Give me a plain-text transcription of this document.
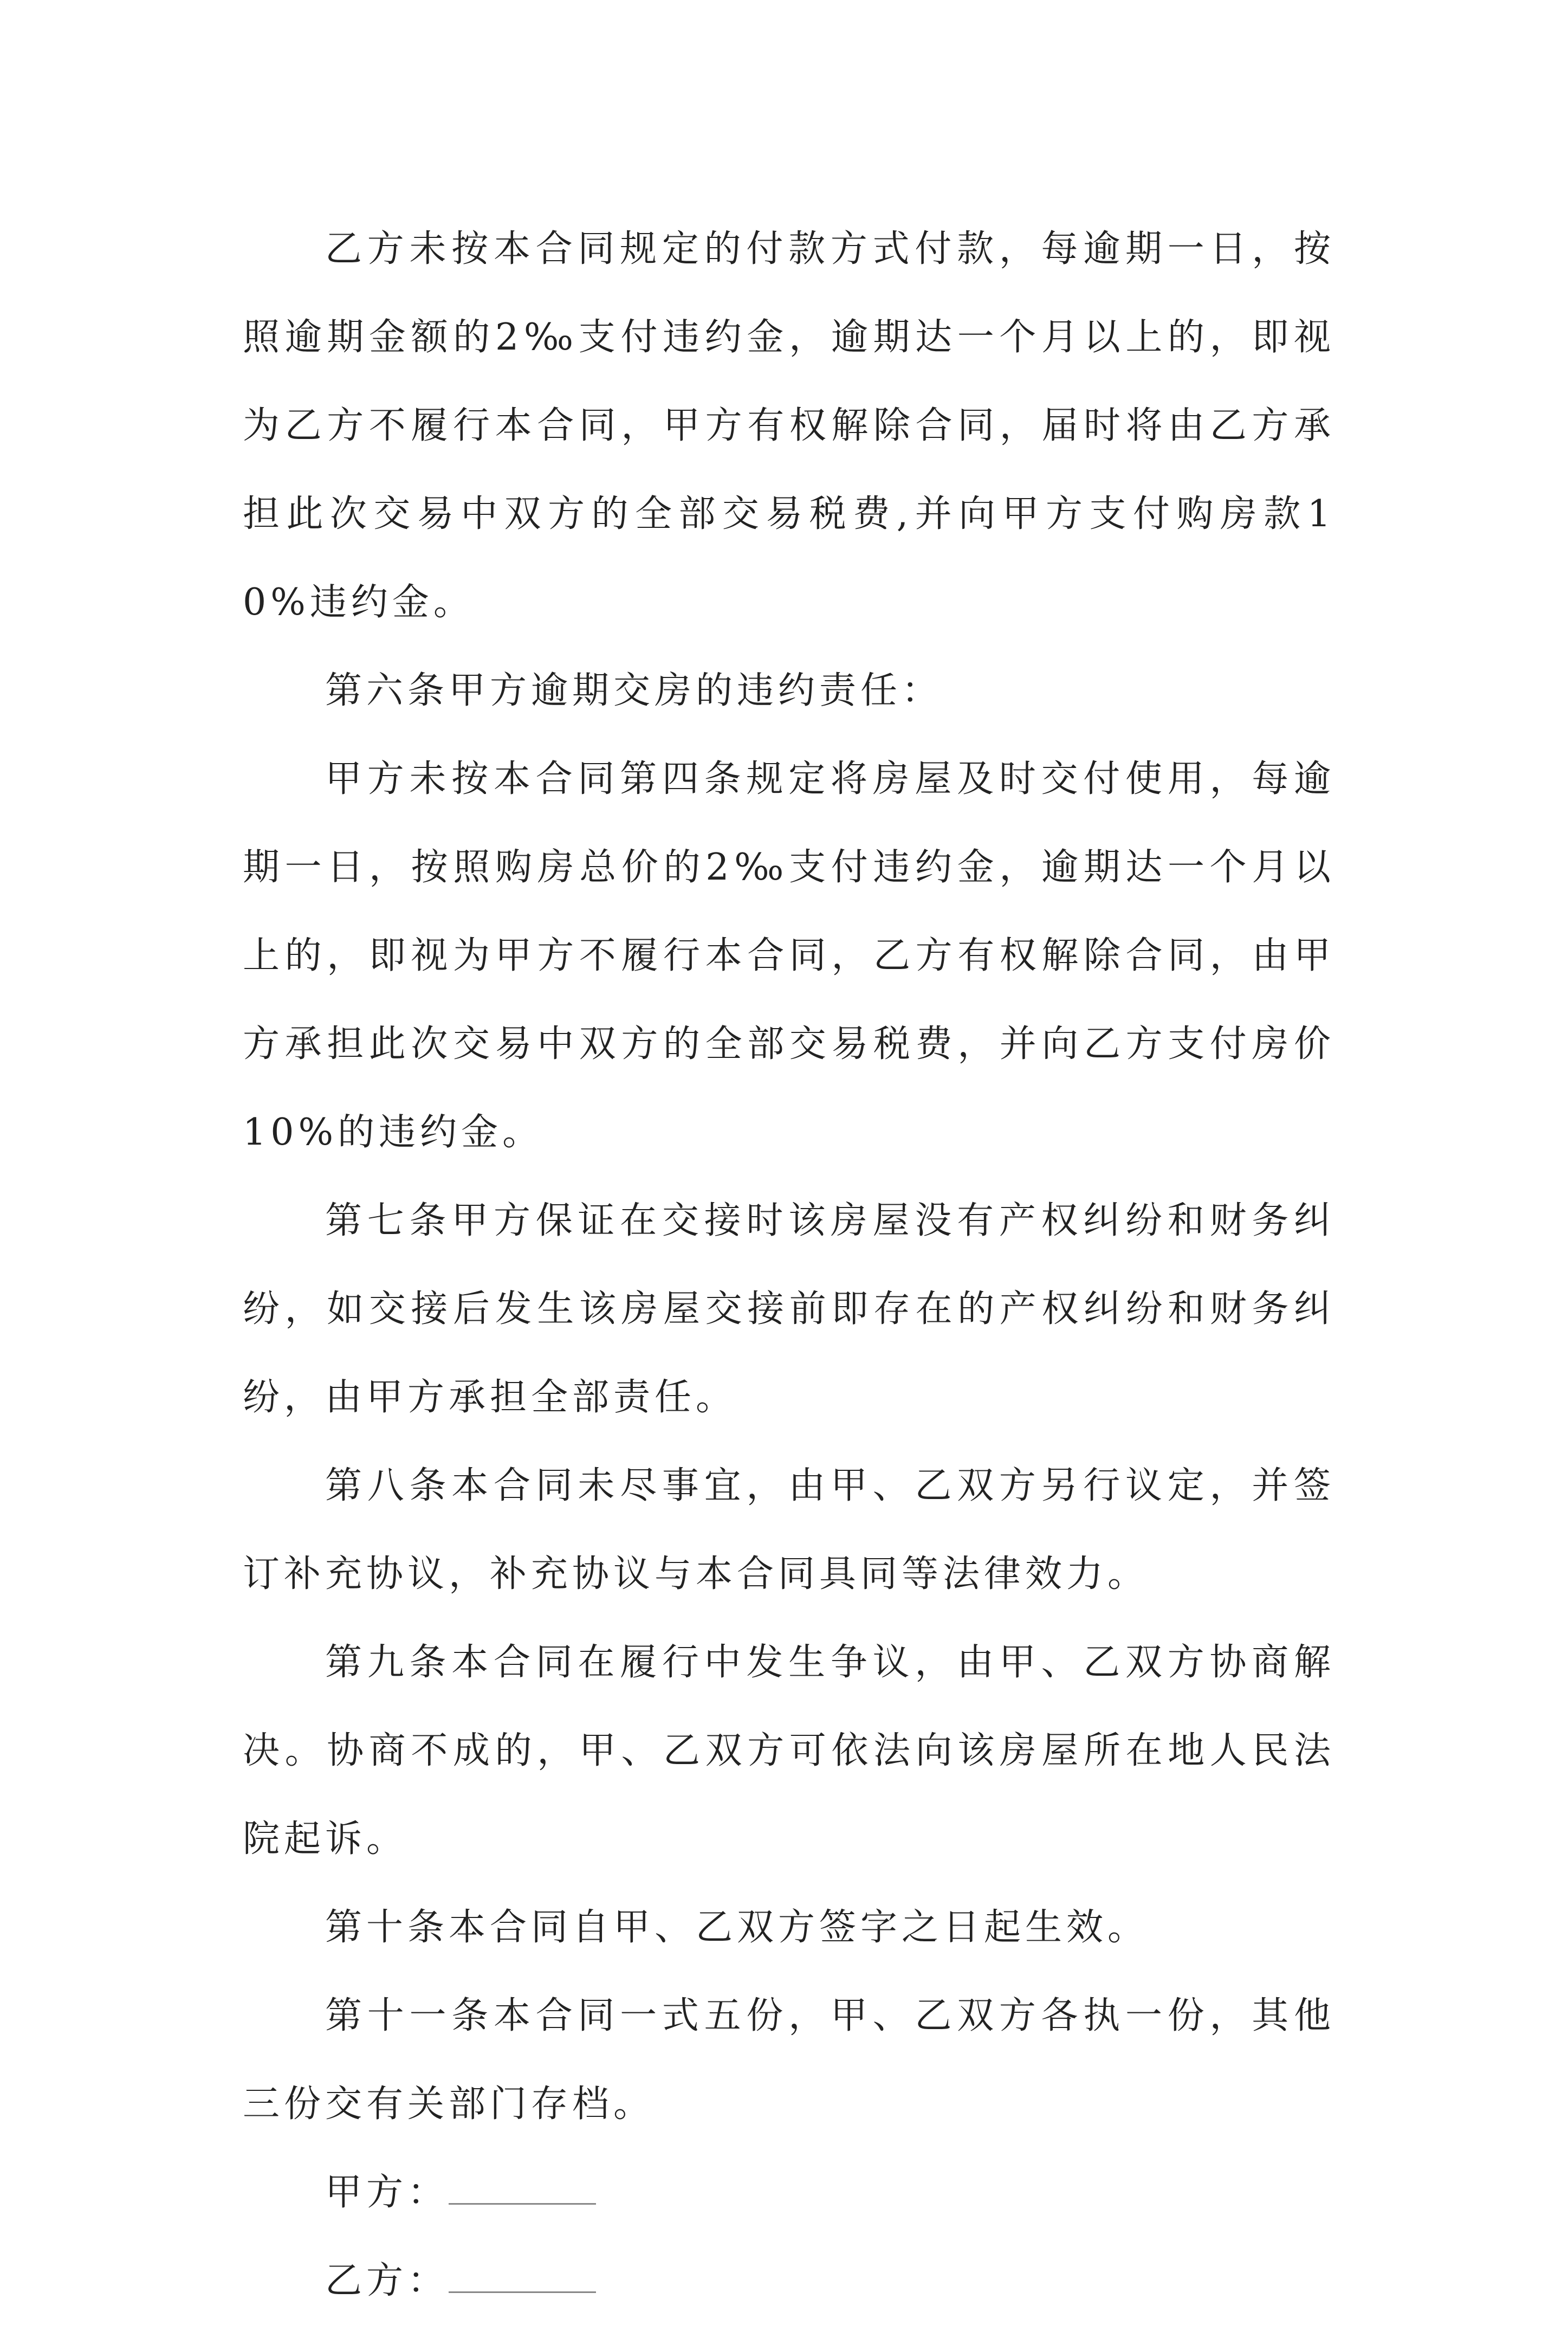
乙方未按本合同规定的付款方式付款，每逾期一日，按照逾期金额的2‰支付违约金，逾期达一个月以上的，即视为乙方不履行本合同，甲方有权解除合同，届时将由乙方承担此次交易中双方的全部交易税费,并向甲方支付购房款10%违约金。

第六条甲方逾期交房的违约责任：

甲方未按本合同第四条规定将房屋及时交付使用，每逾期一日，按照购房总价的2‰支付违约金，逾期达一个月以上的，即视为甲方不履行本合同，乙方有权解除合同，由甲方承担此次交易中双方的全部交易税费，并向乙方支付房价10%的违约金。

第七条甲方保证在交接时该房屋没有产权纠纷和财务纠纷，如交接后发生该房屋交接前即存在的产权纠纷和财务纠纷，由甲方承担全部责任。

第八条本合同未尽事宜，由甲、乙双方另行议定，并签订补充协议，补充协议与本合同具同等法律效力。

第九条本合同在履行中发生争议，由甲、乙双方协商解决。协商不成的，甲、乙双方可依法向该房屋所在地人民法院起诉。

第十条本合同自甲、乙双方签字之日起生效。

第十一条本合同一式五份，甲、乙双方各执一份，其他三份交有关部门存档。

甲方：

乙方：
